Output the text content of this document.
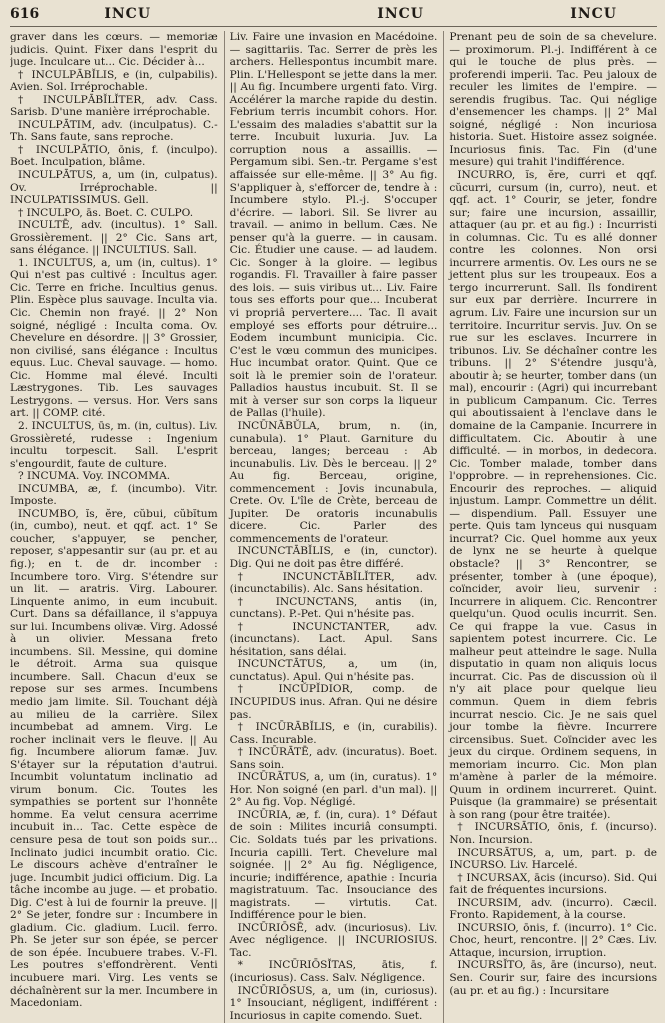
616	INCU	INCU	INCU

graver dans les cœurs. — memoriæ judicis. Quint. Fixer dans l'esprit du juge. Inculcare ut... Cic. Décider à...

† INCULPĀBĬLIS, e (in, culpabilis). Avien. Sol. Irréprochable.

† INCULPĀBĬLĬTER, adv. Cass. Sarisb. D'une manière irréprochable.

INCULPĀTIM, adv. (inculpatus). C.-Th. Sans faute, sans reproche.

† INCULPĀTIO, ōnis, f. (inculpo). Boet. Inculpation, blâme.

INCULPĀTUS, a, um (in, culpatus). Ov. Irréprochable. || INCULPATISSIMUS. Gell.

† INCULPO, ās. Boet. C. CULPO.

INCULTĒ, adv. (incultus). 1° Sall. Grossièrement. || 2° Cic. Sans art, sans élégance. || INCULTIUS. Sall.

1. INCULTUS, a, um (in, cultus). 1° Qui n'est pas cultivé : Incultus ager. Cic. Terre en friche. Incultius genus. Plin. Espèce plus sauvage. Inculta via. Cic. Chemin non frayé. || 2° Non soigné, négligé : Inculta coma. Ov. Chevelure en désordre. || 3° Grossier, non civilisé, sans élégance : Incultus equus. Luc. Cheval sauvage. — homo. Cic. Homme mal élevé. Inculti Læstrygones. Tib. Les sauvages Lestrygons. — versus. Hor. Vers sans art. || COMP. cité.

2. INCULTUS, ūs, m. (in, cultus). Liv. Grossièreté, rudesse : Ingenium incultu torpescit. Sall. L'esprit s'engourdit, faute de culture.

? INCUMA. Voy. INCOMMA.

INCUMBA, æ, f. (incumbo). Vitr. Imposte.

INCUMBO, ĭs, ĕre, cŭbui, cŭbĭtum (in, cumbo), neut. et qqf. act. 1° Se coucher, s'appuyer, se pencher, reposer, s'appesantir sur (au pr. et au fig.); en t. de dr. incomber : Incumbere toro. Virg. S'étendre sur un lit. — aratris. Virg. Labourer. Linquente animo, in eum incubuit. Curt. Dans sa défaillance, il s'appuya sur lui. Incumbens olivæ. Virg. Adossé à un olivier. Messana freto incumbens. Sil. Messine, qui domine le détroit. Arma sua quisque incumbere. Sall. Chacun d'eux se repose sur ses armes. Incumbens medio jam limite. Sil. Touchant déjà au milieu de la carrière. Silex incumbebat ad amnem. Virg. Le rocher inclinait vers le fleuve. || Au fig. Incumbere aliorum famæ. Juv. S'étayer sur la réputation d'autrui. Incumbit voluntatum inclinatio ad virum bonum. Cic. Toutes les sympathies se portent sur l'honnête homme. Ea velut censura acerrime incubuit in... Tac. Cette espèce de censure pesa de tout son poids sur... Inclinato judici incumbit oratio. Cic. Le discours achève d'entraîner le juge. Incumbit judici officium. Dig. La tâche incombe au juge. — et probatio. Dig. C'est à lui de fournir la preuve. || 2° Se jeter, fondre sur : Incumbere in gladium. Cic. gladium. Lucil. ferro. Ph. Se jeter sur son épée, se percer de son épée. Incubuere trabes. V.-Fl. Les poutres s'effondrèrent. Venti incubuere mari. Virg. Les vents se déchaînèrent sur la mer. Incumbere in Macedoniam.

Liv. Faire une invasion en Macédoine. — sagittariis. Tac. Serrer de près les archers. Hellespontus incumbit mare. Plin. L'Hellespont se jette dans la mer. || Au fig. Incumbere urgenti fato. Virg. Accélérer la marche rapide du destin. Febrium terris incumbit cohors. Hor. L'essaim des maladies s'abattit sur la terre. Incubuit luxuria. Juv. La corruption nous a assaillis. — Pergamum sibi. Sen.-tr. Pergame s'est affaissée sur elle-même. || 3° Au fig. S'appliquer à, s'efforcer de, tendre à : Incumbere stylo. Pl.-j. S'occuper d'écrire. — labori. Sil. Se livrer au travail. — animo in bellum. Cæs. Ne penser qu'à la guerre. — in causam. Cic. Étudier une cause. — ad laudem. Cic. Songer à la gloire. — legibus rogandis. Fl. Travailler à faire passer des lois. — suis viribus ut... Liv. Faire tous ses efforts pour que... Incuberat vi propriâ pervertere.... Tac. Il avait employé ses efforts pour détruire... Eodem incumbunt municipia. Cic. C'est le vœu commun des municipes. Huc incumbat orator. Quint. Que ce soit là le premier soin de l'orateur. Palladios haustus incubuit. St. Il se mit à verser sur son corps la liqueur de Pallas (l'huile).

INCŪNĀBŬLA, brum, n. (in, cunabula). 1° Plaut. Garniture du berceau, langes; berceau : Ab incunabulis. Liv. Dès le berceau. || 2° Au fig. Berceau, origine, commencement : Jovis incunabula, Crete. Ov. L'île de Crète, berceau de Jupiter. De oratoris incunabulis dicere. Cic. Parler des commencements de l'orateur.

INCUNCTĀBĬLIS, e (in, cunctor). Dig. Qui ne doit pas être différé.

† INCUNCTĀBĬLĬTER, adv. (incunctabilis). Alc. Sans hésitation.

† INCUNCTANS, antis (in, cunctans). P.-Pet. Qui n'hésite pas.

† INCUNCTANTER, adv. (incunctans). Lact. Apul. Sans hésitation, sans délai.

INCUNCTĀTUS, a, um (in, cunctatus). Apul. Qui n'hésite pas.

† INCŬPĬDIOR, comp. de INCUPIDUS inus. Afran. Qui ne désire pas.

† INCŪRĀBĬLIS, e (in, curabilis). Cass. Incurable.

† INCŪRĀTĒ, adv. (incuratus). Boet. Sans soin.

INCŪRĀTUS, a, um (in, curatus). 1° Hor. Non soigné (en parl. d'un mal). || 2° Au fig. Vop. Négligé.

INCŪRIA, æ, f. (in, cura). 1° Défaut de soin : Milites incuriâ consumpti. Cic. Soldats tués par les privations. Incuria capilli. Tert. Chevelure mal soignée. || 2° Au fig. Négligence, incurie; indifférence, apathie : Incuria magistratuum. Tac. Insouciance des magistrats. — virtutis. Cat. Indifférence pour le bien.

INCŪRIŌSĒ, adv. (incuriosus). Liv. Avec négligence. || INCURIOSIUS. Tac.

* INCŪRIŌSĬTAS, ātis, f. (incuriosus). Cass. Salv. Négligence.

INCŪRIŌSUS, a, um (in, curiosus). 1° Insouciant, négligent, indifférent : Incuriosus in capite comendo. Suet.

Prenant peu de soin de sa chevelure. — proximorum. Pl.-j. Indifférent à ce qui le touche de plus près. — proferendi imperii. Tac. Peu jaloux de reculer les limites de l'empire. — serendis frugibus. Tac. Qui néglige d'ensemencer les champs. || 2° Mal soigné, négligé : Non incuriosa historia. Suet. Histoire assez soignée. Incuriosus finis. Tac. Fin (d'une mesure) qui trahit l'indifférence.

INCURRO, ĭs, ĕre, curri et qqf. cŭcurri, cursum (in, curro), neut. et qqf. act. 1° Courir, se jeter, fondre sur; faire une incursion, assaillir, attaquer (au pr. et au fig.) : Incurristi in columnas. Cic. Tu es allé donner contre les colonnes. Non orsi incurrere armentis. Ov. Les ours ne se jettent plus sur les troupeaux. Eos a tergo incurrerunt. Sall. Ils fondirent sur eux par derrière. Incurrere in agrum. Liv. Faire une incursion sur un territoire. Incurritur servis. Juv. On se rue sur les esclaves. Incurrere in tribunos. Liv. Se déchaîner contre les tribuns. || 2° S'étendre jusqu'à, aboutir à; se heurter, tomber dans (un mal), encourir : (Agri) qui incurrebant in publicum Campanum. Cic. Terres qui aboutissaient à l'enclave dans le domaine de la Campanie. Incurrere in difficultatem. Cic. Aboutir à une difficulté. — in morbos, in dedecora. Cic. Tomber malade, tomber dans l'opprobre. — in reprehensiones. Cic. Encourir des reproches. — aliquid injustum. Lampr. Commettre un délit. — dispendium. Pall. Essuyer une perte. Quis tam lynceus qui nusquam incurrat? Cic. Quel homme aux yeux de lynx ne se heurte à quelque obstacle? || 3° Rencontrer, se présenter, tomber à (une époque), coïncider, avoir lieu, survenir : Incurrere in aliquem. Cic. Rencontrer quelqu'un. Quod oculis incurrit. Sen. Ce qui frappe la vue. Casus in sapientem potest incurrere. Cic. Le malheur peut atteindre le sage. Nulla disputatio in quam non aliquis locus incurrat. Cic. Pas de discussion où il n'y ait place pour quelque lieu commun. Quem in diem febris incurrat nescio. Cic. Je ne sais quel jour tombe la fièvre. Incurrere circensibus. Suet. Coïncider avec les jeux du cirque. Ordinem sequens, in memoriam incurro. Cic. Mon plan m'amène à parler de la mémoire. Quum in ordinem incurreret. Quint. Puisque (la grammaire) se présentait à son rang (pour être traitée).

† INCURSĀTIO, ōnis, f. (incurso). Non. Incursion.

INCURSĀTUS, a, um, part. p. de INCURSO. Liv. Harcelé.

† INCURSAX, ācis (incurso). Sid. Qui fait de fréquentes incursions.

INCURSIM, adv. (incurro). Cæcil. Fronto. Rapidement, à la course.

INCURSIO, ōnis, f. (incurro). 1° Cic. Choc, heurt, rencontre. || 2° Cæs. Liv. Attaque, incursion, irruption.

INCURSĬTO, ās, āre (incurso), neut. Sen. Courir sur, faire des incursions (au pr. et au fig.) : Incursitare
